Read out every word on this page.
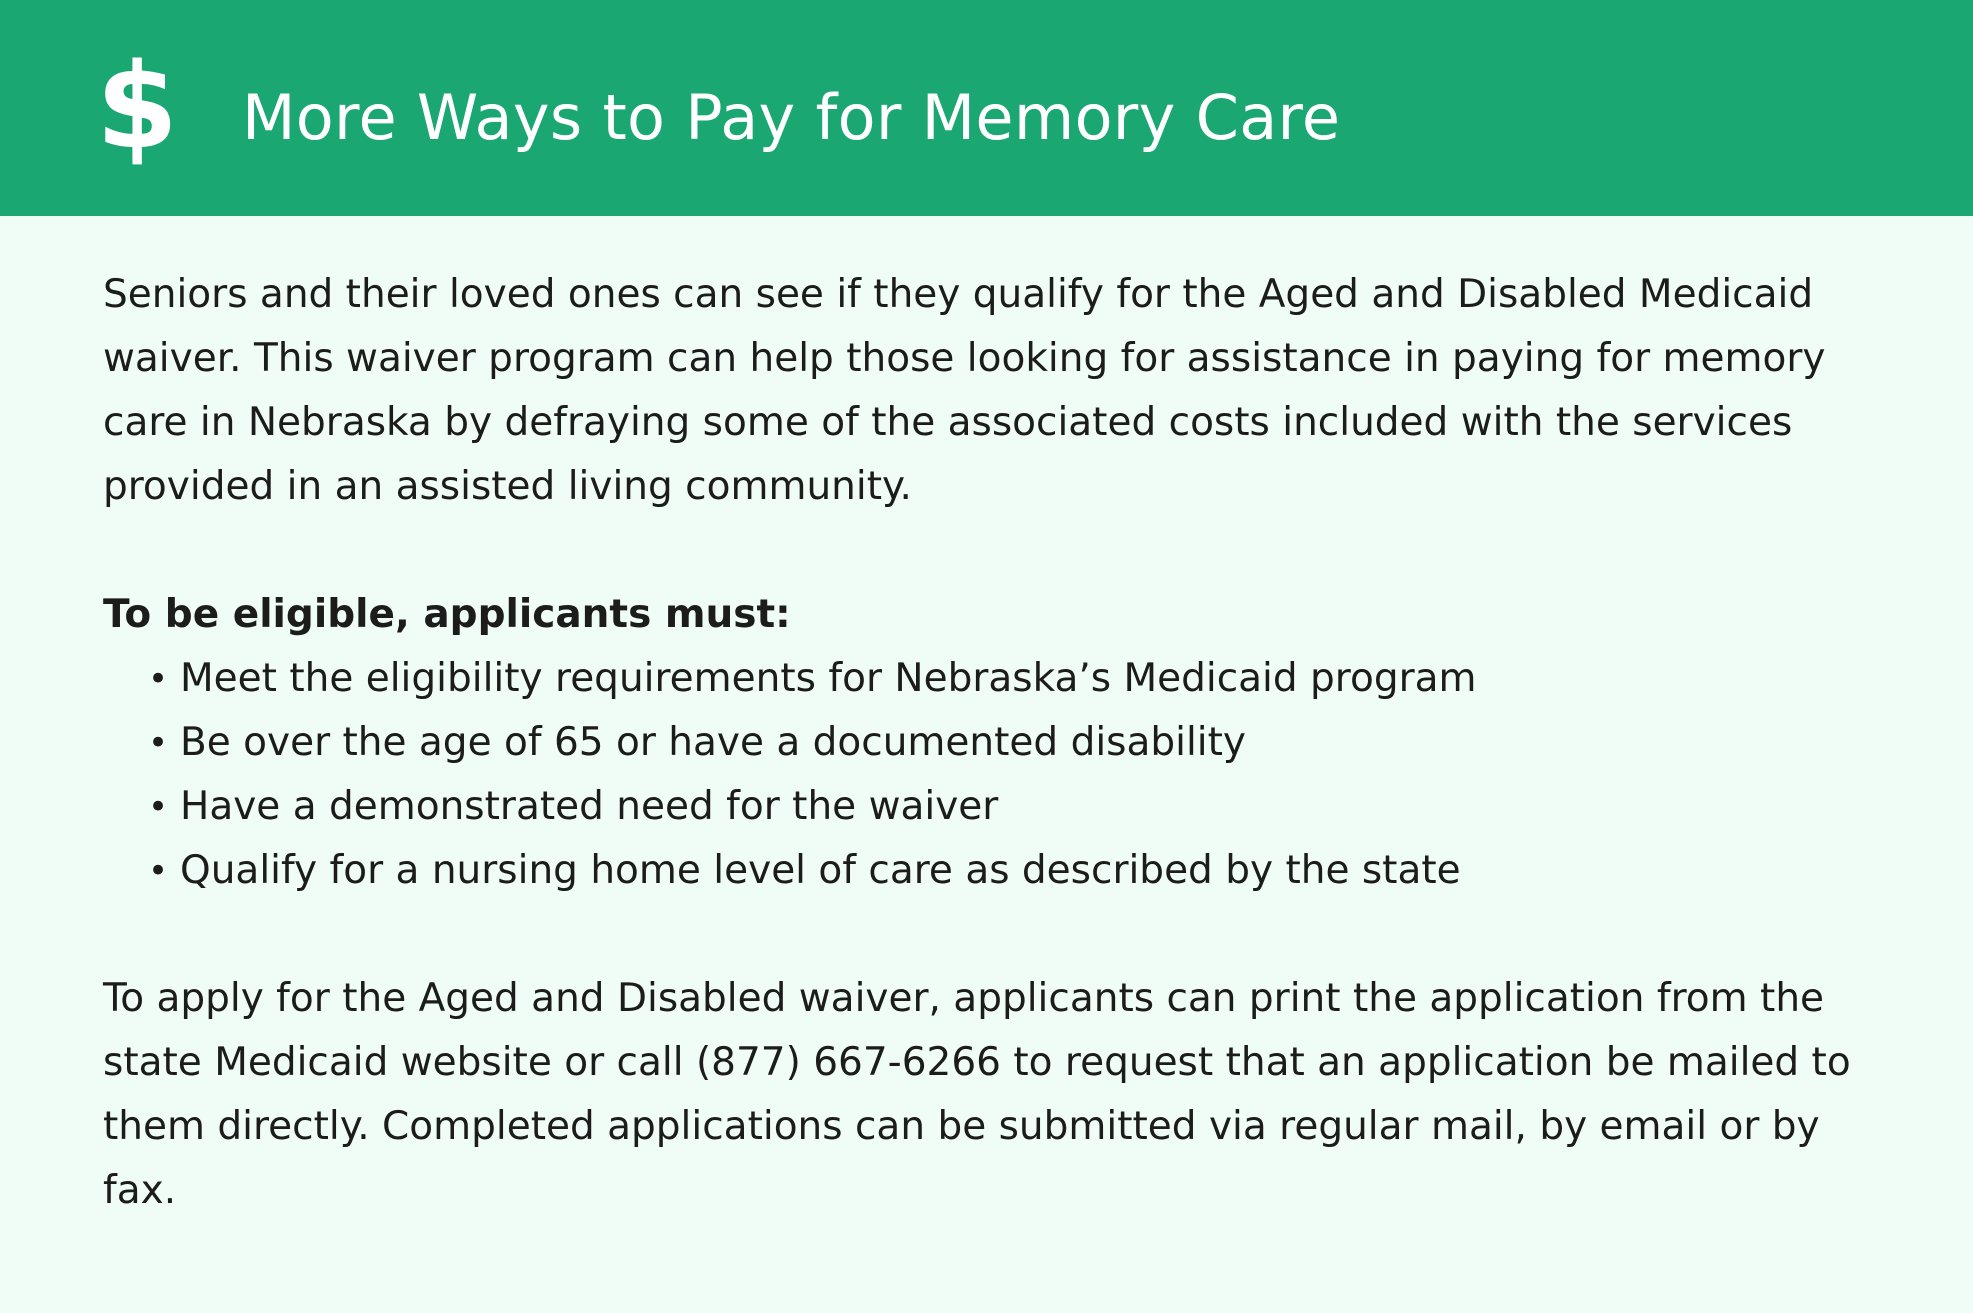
$ More Ways to Pay for Memory Care

Seniors and their loved ones can see if they qualify for the Aged and Disabled Medicaid waiver. This waiver program can help those looking for assistance in paying for memory care in Nebraska by defraying some of the associated costs included with the services provided in an assisted living community.

To be eligible, applicants must:

• Meet the eligibility requirements for Nebraska’s Medicaid program
• Be over the age of 65 or have a documented disability
• Have a demonstrated need for the waiver
• Qualify for a nursing home level of care as described by the state

To apply for the Aged and Disabled waiver, applicants can print the application from the state Medicaid website or call (877) 667-6266 to request that an application be mailed to them directly. Completed applications can be submitted via regular mail, by email or by fax.
